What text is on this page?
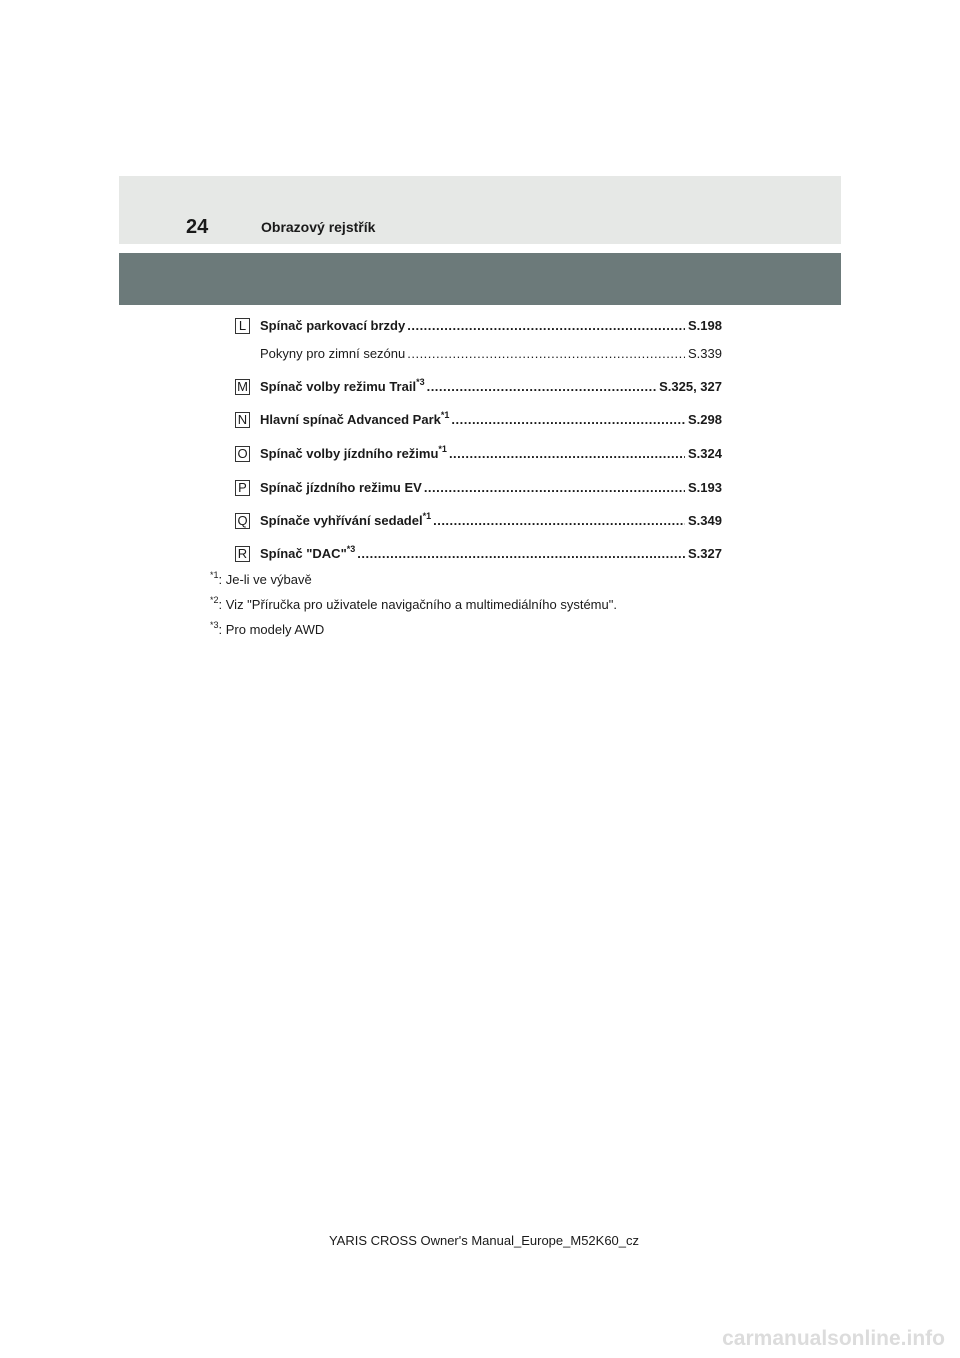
24	Obrazový rejstřík
L Spínač parkovací brzdy .....	S.198
Pokyny pro zimní sezónu .....	S.339
M Spínač volby režimu Trail$^{*3}$ .....	S.325, 327
N Hlavní spínač Advanced Park$^{*1}$ .....	S.298
O Spínač volby jízdního režimu$^{*1}$ .....	S.324
P Spínač jízdního režimu EV .....	S.193
Q Spínače vyhřívání sedadel$^{*1}$ .....	S.349
R Spínač "DAC"$^{*3}$ .....	S.327
$^{*1}$: Je-li ve výbavě
$^{*2}$: Viz "Příručka pro uživatele navigačního a multimediálního systému".
$^{*3}$: Pro modely AWD
YARIS CROSS Owner's Manual_Europe_M52K60_cz
carmanualsonline.info
